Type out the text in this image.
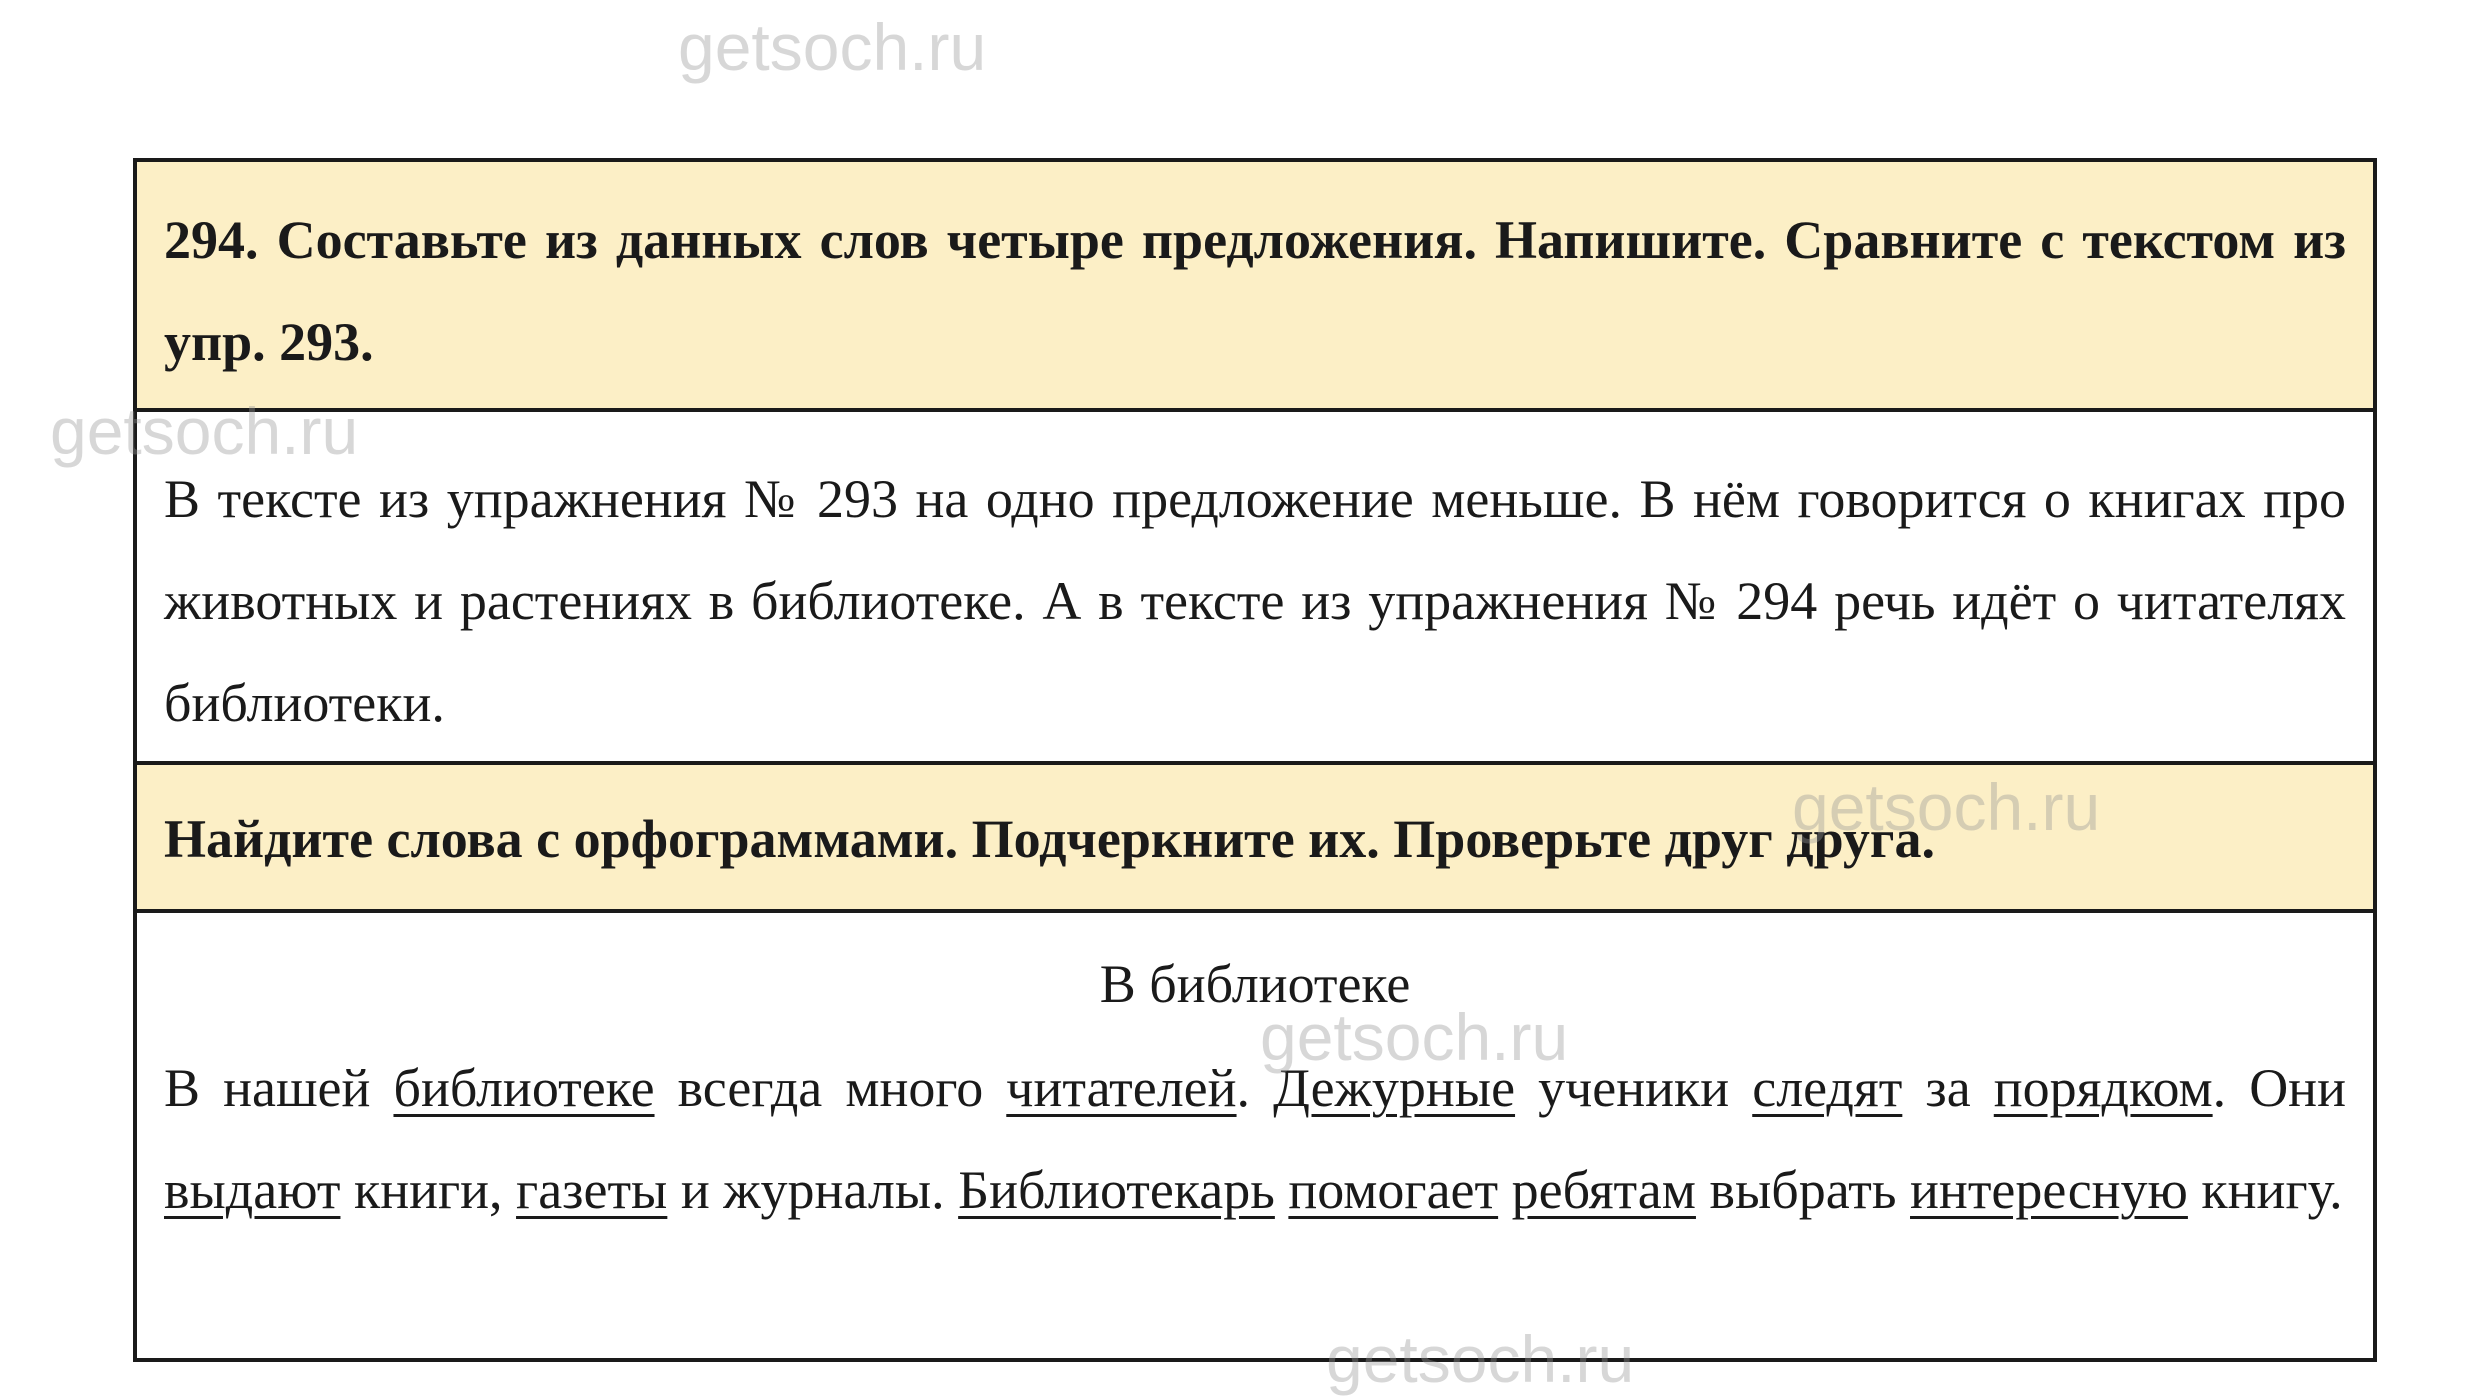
getsoch.ru
getsoch.ru
getsoch.ru
getsoch.ru
getsoch.ru

294. Составьте из данных слов четыре предложения. Напишите. Сравните с текстом из упр. 293.

В тексте из упражнения № 293 на одно предложение меньше. В нём говорится о книгах про животных и растениях в библиотеке. А в тексте из упражнения № 294 речь идёт о читателях библиотеки.

Найдите слова с орфограммами. Подчеркните их. Проверьте друг друга.

В библиотеке

В нашей библиотеке всегда много читателей. Дежурные ученики следят за порядком. Они выдают книги, газеты и журналы. Библиотекарь помогает ребятам выбрать интересную книгу.
